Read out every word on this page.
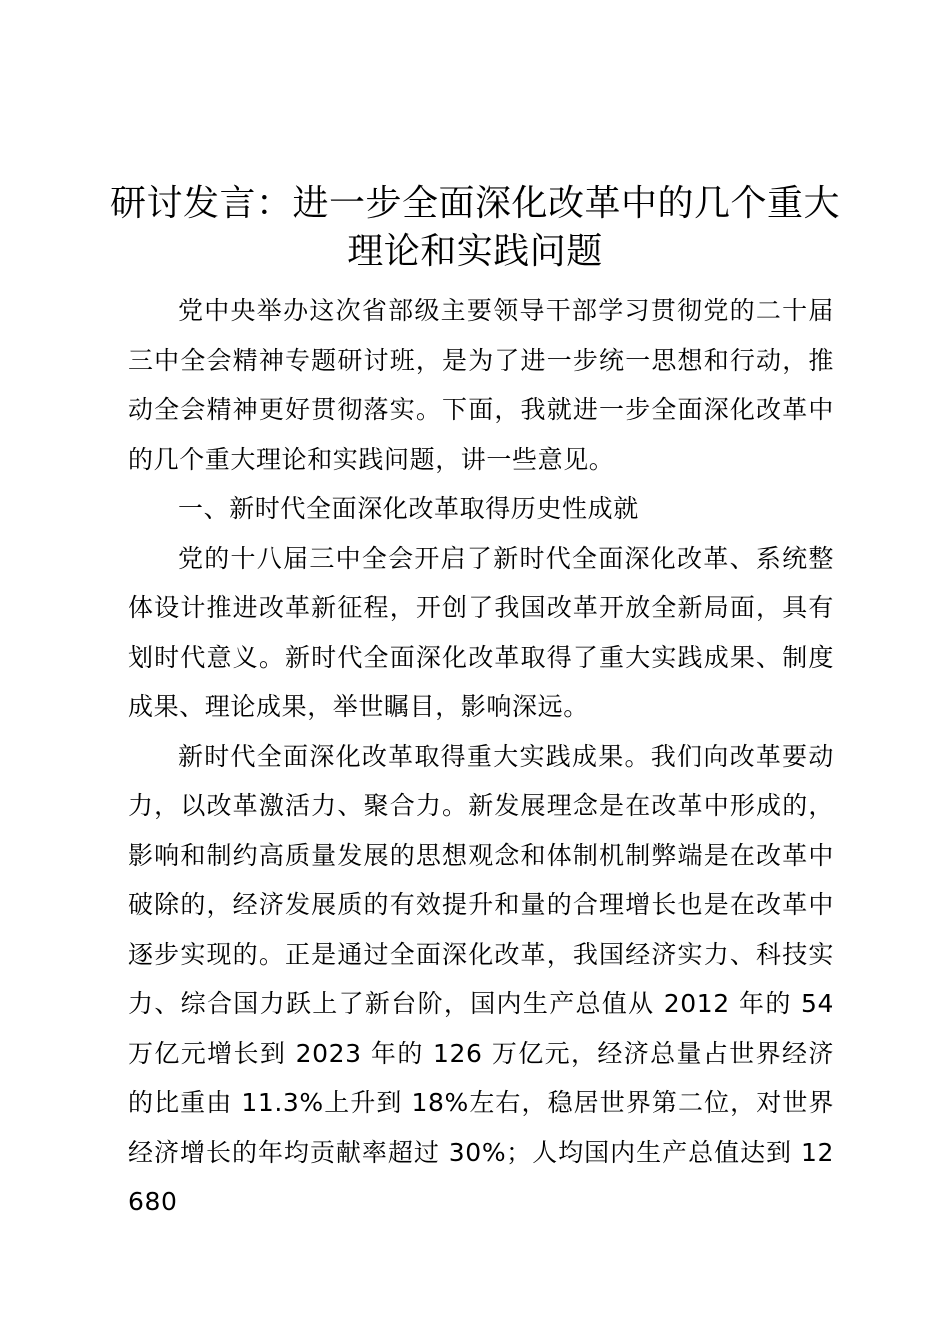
研讨发言：进一步全面深化改革中的几个重大理论和实践问题

党中央举办这次省部级主要领导干部学习贯彻党的二十届三中全会精神专题研讨班，是为了进一步统一思想和行动，推动全会精神更好贯彻落实。下面，我就进一步全面深化改革中的几个重大理论和实践问题，讲一些意见。

一、新时代全面深化改革取得历史性成就

党的十八届三中全会开启了新时代全面深化改革、系统整体设计推进改革新征程，开创了我国改革开放全新局面，具有划时代意义。新时代全面深化改革取得了重大实践成果、制度成果、理论成果，举世瞩目，影响深远。

新时代全面深化改革取得重大实践成果。我们向改革要动力，以改革激活力、聚合力。新发展理念是在改革中形成的，影响和制约高质量发展的思想观念和体制机制弊端是在改革中破除的，经济发展质的有效提升和量的合理增长也是在改革中逐步实现的。正是通过全面深化改革，我国经济实力、科技实力、综合国力跃上了新台阶，国内生产总值从 2012 年的 54 万亿元增长到 2023 年的 126 万亿元，经济总量占世界经济的比重由 11.3%上升到 18%左右，稳居世界第二位，对世界经济增长的年均贡献率超过 30%；人均国内生产总值达到 12680
